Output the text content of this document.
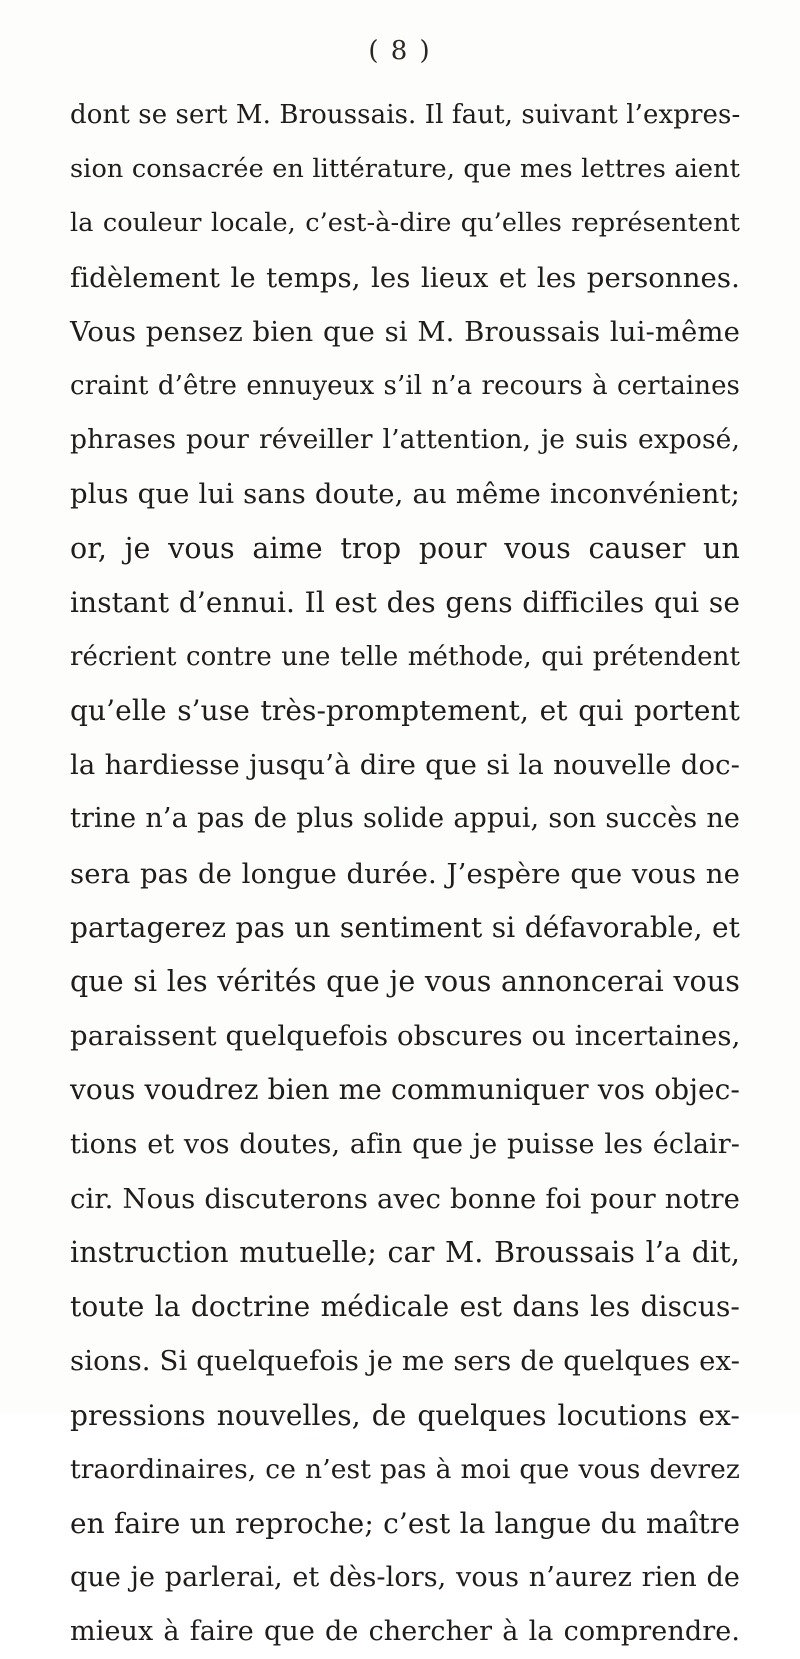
( 8 )
dont se sert M. Broussais. Il faut, suivant l’expres-
sion consacrée en littérature, que mes lettres aient
la couleur locale, c’est-à-dire qu’elles représentent
fidèlement le temps, les lieux et les personnes.
Vous pensez bien que si M. Broussais lui-même
craint d’être ennuyeux s’il n’a recours à certaines
phrases pour réveiller l’attention, je suis exposé,
plus que lui sans doute, au même inconvénient;
or, je vous aime trop pour vous causer un
instant d’ennui. Il est des gens difficiles qui se
récrient contre une telle méthode, qui prétendent
qu’elle s’use très-promptement, et qui portent
la hardiesse jusqu’à dire que si la nouvelle doc-
trine n’a pas de plus solide appui, son succès ne
sera pas de longue durée. J’espère que vous ne
partagerez pas un sentiment si défavorable, et
que si les vérités que je vous annoncerai vous
paraissent quelquefois obscures ou incertaines,
vous voudrez bien me communiquer vos objec-
tions et vos doutes, afin que je puisse les éclair-
cir. Nous discuterons avec bonne foi pour notre
instruction mutuelle; car M. Broussais l’a dit,
toute la doctrine médicale est dans les discus-
sions. Si quelquefois je me sers de quelques ex-
pressions nouvelles, de quelques locutions ex-
traordinaires, ce n’est pas à moi que vous devrez
en faire un reproche; c’est la langue du maître
que je parlerai, et dès-lors, vous n’aurez rien de
mieux à faire que de chercher à la comprendre.
